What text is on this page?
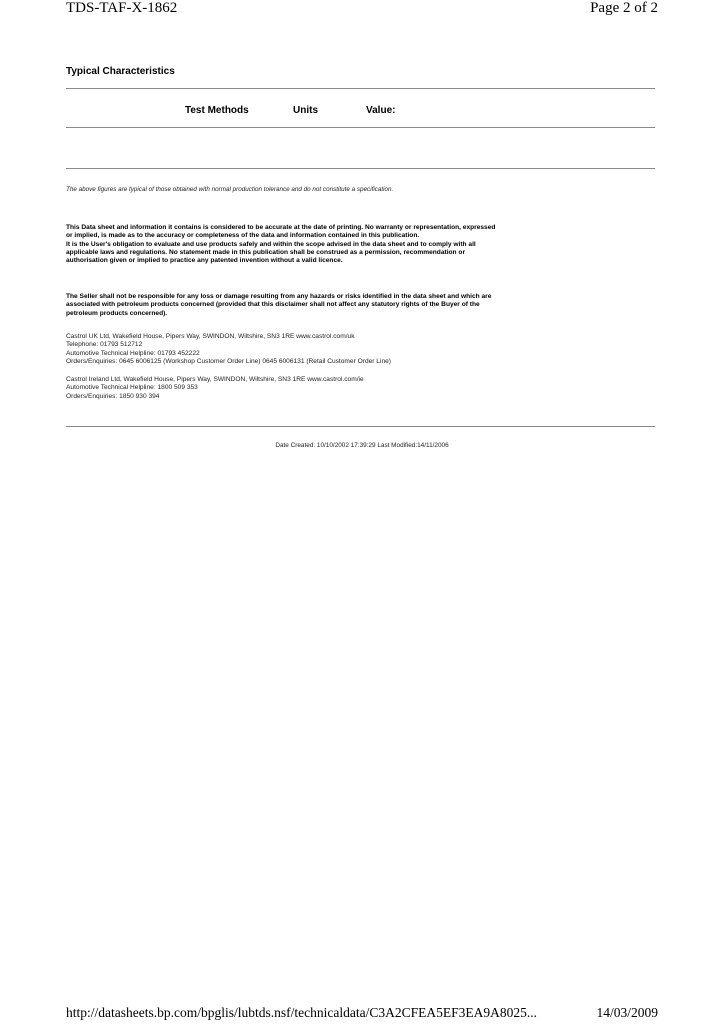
TDS-TAF-X-1862	Page 2 of 2
Typical Characteristics
Test Methods	Units	Value:
The above figures are typical of those obtained with normal production tolerance and do not constitute a specification.
This Data sheet and information it contains is considered to be accurate at the date of printing. No warranty or representation, expressed
or implied, is made as to the accuracy or completeness of the data and information contained in this publication.
It is the User's obligation to evaluate and use products safely and within the scope advised in the data sheet and to comply with all
applicable laws and regulations. No statement made in this publication shall be construed as a permission, recommendation or
authorisation given or implied to practice any patented invention without a valid licence.
The Seller shall not be responsible for any loss or damage resulting from any hazards or risks identified in the data sheet and which are
associated with petroleum products concerned (provided that this disclaimer shall not affect any statutory rights of the Buyer of the
petroleum products concerned).
Castrol UK Ltd, Wakefield House, Pipers Way, SWINDON, Wiltshire, SN3 1RE www.castrol.com/uk
Telephone: 01793 512712
Automotive Technical Helpline: 01793 452222
Orders/Enquiries: 0645 6006125 (Workshop Customer Order Line) 0645 6006131 (Retail Customer Order Line)
Castrol Ireland Ltd, Wakefield House, Pipers Way, SWINDON, Wiltshire, SN3 1RE www.castrol.com/ie
Automotive Technical Helpline: 1800 509 353
Orders/Enquiries: 1850 930 394
Date Created: 10/10/2002 17:39:29 Last Modified:14/11/2006
http://datasheets.bp.com/bpglis/lubtds.nsf/technicaldata/C3A2CFEA5EF3EA9A8025...	14/03/2009
